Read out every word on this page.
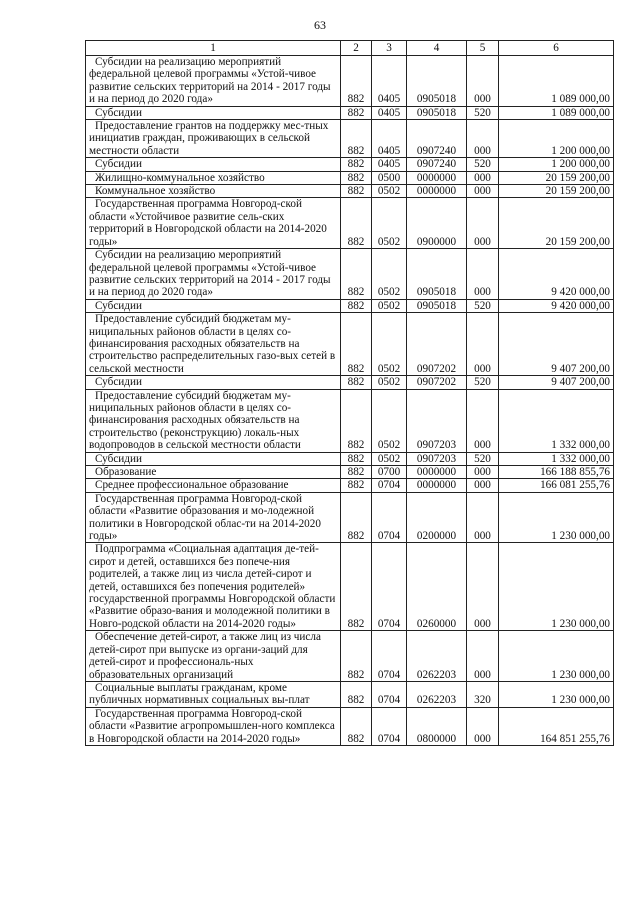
63
1	2	3	4	5	6
Субсидии на реализацию мероприятий федеральной целевой программы «Устой-чивое развитие сельских территорий на 2014 - 2017 годы и на период до 2020 года»	882	0405	0905018	000	1 089 000,00
Субсидии	882	0405	0905018	520	1 089 000,00
Предоставление грантов на поддержку мес-тных инициатив граждан, проживающих в сельской местности области	882	0405	0907240	000	1 200 000,00
Субсидии	882	0405	0907240	520	1 200 000,00
Жилищно-коммунальное хозяйство	882	0500	0000000	000	20 159 200,00
Коммунальное хозяйство	882	0502	0000000	000	20 159 200,00
Государственная программа Новгород-ской области «Устойчивое развитие сель-ских территорий в Новгородской области на 2014-2020 годы»	882	0502	0900000	000	20 159 200,00
Субсидии на реализацию мероприятий федеральной целевой программы «Устой-чивое развитие сельских территорий на 2014 - 2017 годы и на период до 2020 года»	882	0502	0905018	000	9 420 000,00
Субсидии	882	0502	0905018	520	9 420 000,00
Предоставление субсидий бюджетам му-ниципальных районов области в целях со-финансирования расходных обязательств на строительство распределительных газо-вых сетей в сельской местности	882	0502	0907202	000	9 407 200,00
Субсидии	882	0502	0907202	520	9 407 200,00
Предоставление субсидий бюджетам му-ниципальных районов области в целях со-финансирования расходных обязательств на строительство (реконструкцию) локаль-ных водопроводов в сельской местности области	882	0502	0907203	000	1 332 000,00
Субсидии	882	0502	0907203	520	1 332 000,00
Образование	882	0700	0000000	000	166 188 855,76
Среднее профессиональное образование	882	0704	0000000	000	166 081 255,76
Государственная программа Новгород-ской области «Развитие образования и мо-лодежной политики в Новгородской облас-ти на 2014-2020 годы»	882	0704	0200000	000	1 230 000,00
Подпрограмма «Социальная адаптация де-тей-сирот и детей, оставшихся без попече-ния родителей, а также лиц из числа детей-сирот и детей, оставшихся без попечения родителей» государственной программы Новгородской области «Развитие образо-вания и молодежной политики в Новго-родской области на 2014-2020 годы»	882	0704	0260000	000	1 230 000,00
Обеспечение детей-сирот, а также лиц из числа детей-сирот при выпуске из органи-заций для детей-сирот и профессиональ-ных образовательных организаций	882	0704	0262203	000	1 230 000,00
Социальные выплаты гражданам, кроме публичных нормативных социальных вы-плат	882	0704	0262203	320	1 230 000,00
Государственная программа Новгород-ской области «Развитие агропромышлен-ного комплекса в Новгородской области на 2014-2020 годы»	882	0704	0800000	000	164 851 255,76
